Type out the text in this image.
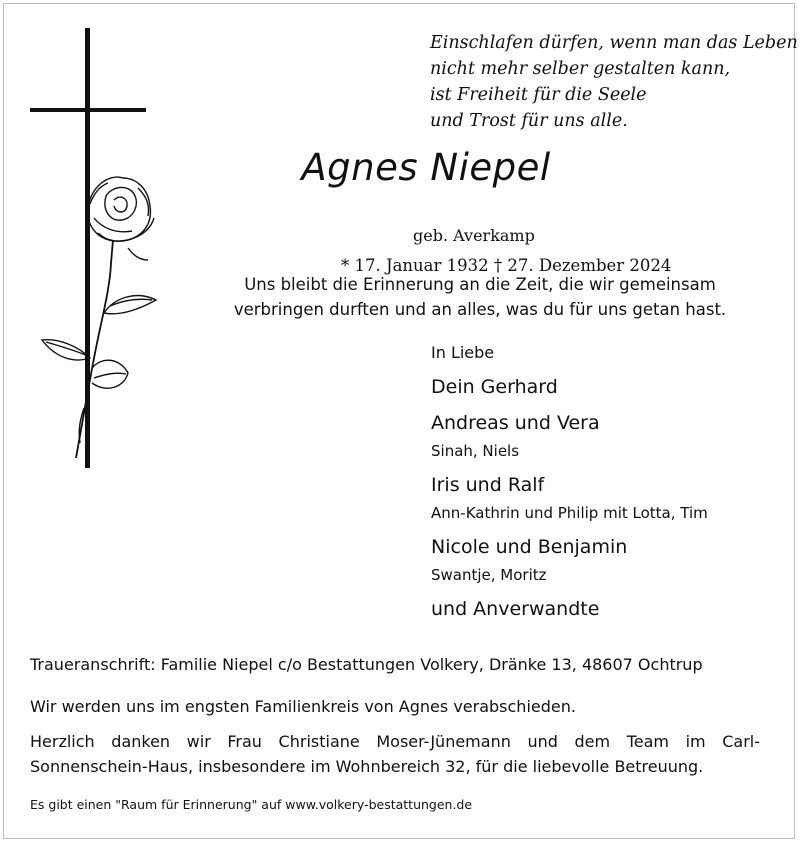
Einschlafen dürfen, wenn man das Leben
nicht mehr selber gestalten kann,
ist Freiheit für die Seele
und Trost für uns alle.
Agnes Niepel
geb. Averkamp
* 17. Januar 1932 † 27. Dezember 2024
Uns bleibt die Erinnerung an die Zeit, die wir gemeinsam
verbringen durften und an alles, was du für uns getan hast.
In Liebe
Dein Gerhard
Andreas und Vera
Sinah, Niels
Iris und Ralf
Ann-Kathrin und Philip mit Lotta, Tim
Nicole und Benjamin
Swantje, Moritz
und Anverwandte
Traueranschrift: Familie Niepel c/o Bestattungen Volkery, Dränke 13, 48607 Ochtrup
Wir werden uns im engsten Familienkreis von Agnes verabschieden.
Herzlich danken wir Frau Christiane Moser-Jünemann und dem Team im Carl-Sonnenschein-Haus, insbesondere im Wohnbereich 32, für die liebevolle Betreuung.
Es gibt einen "Raum für Erinnerung" auf www.volkery-bestattungen.de
